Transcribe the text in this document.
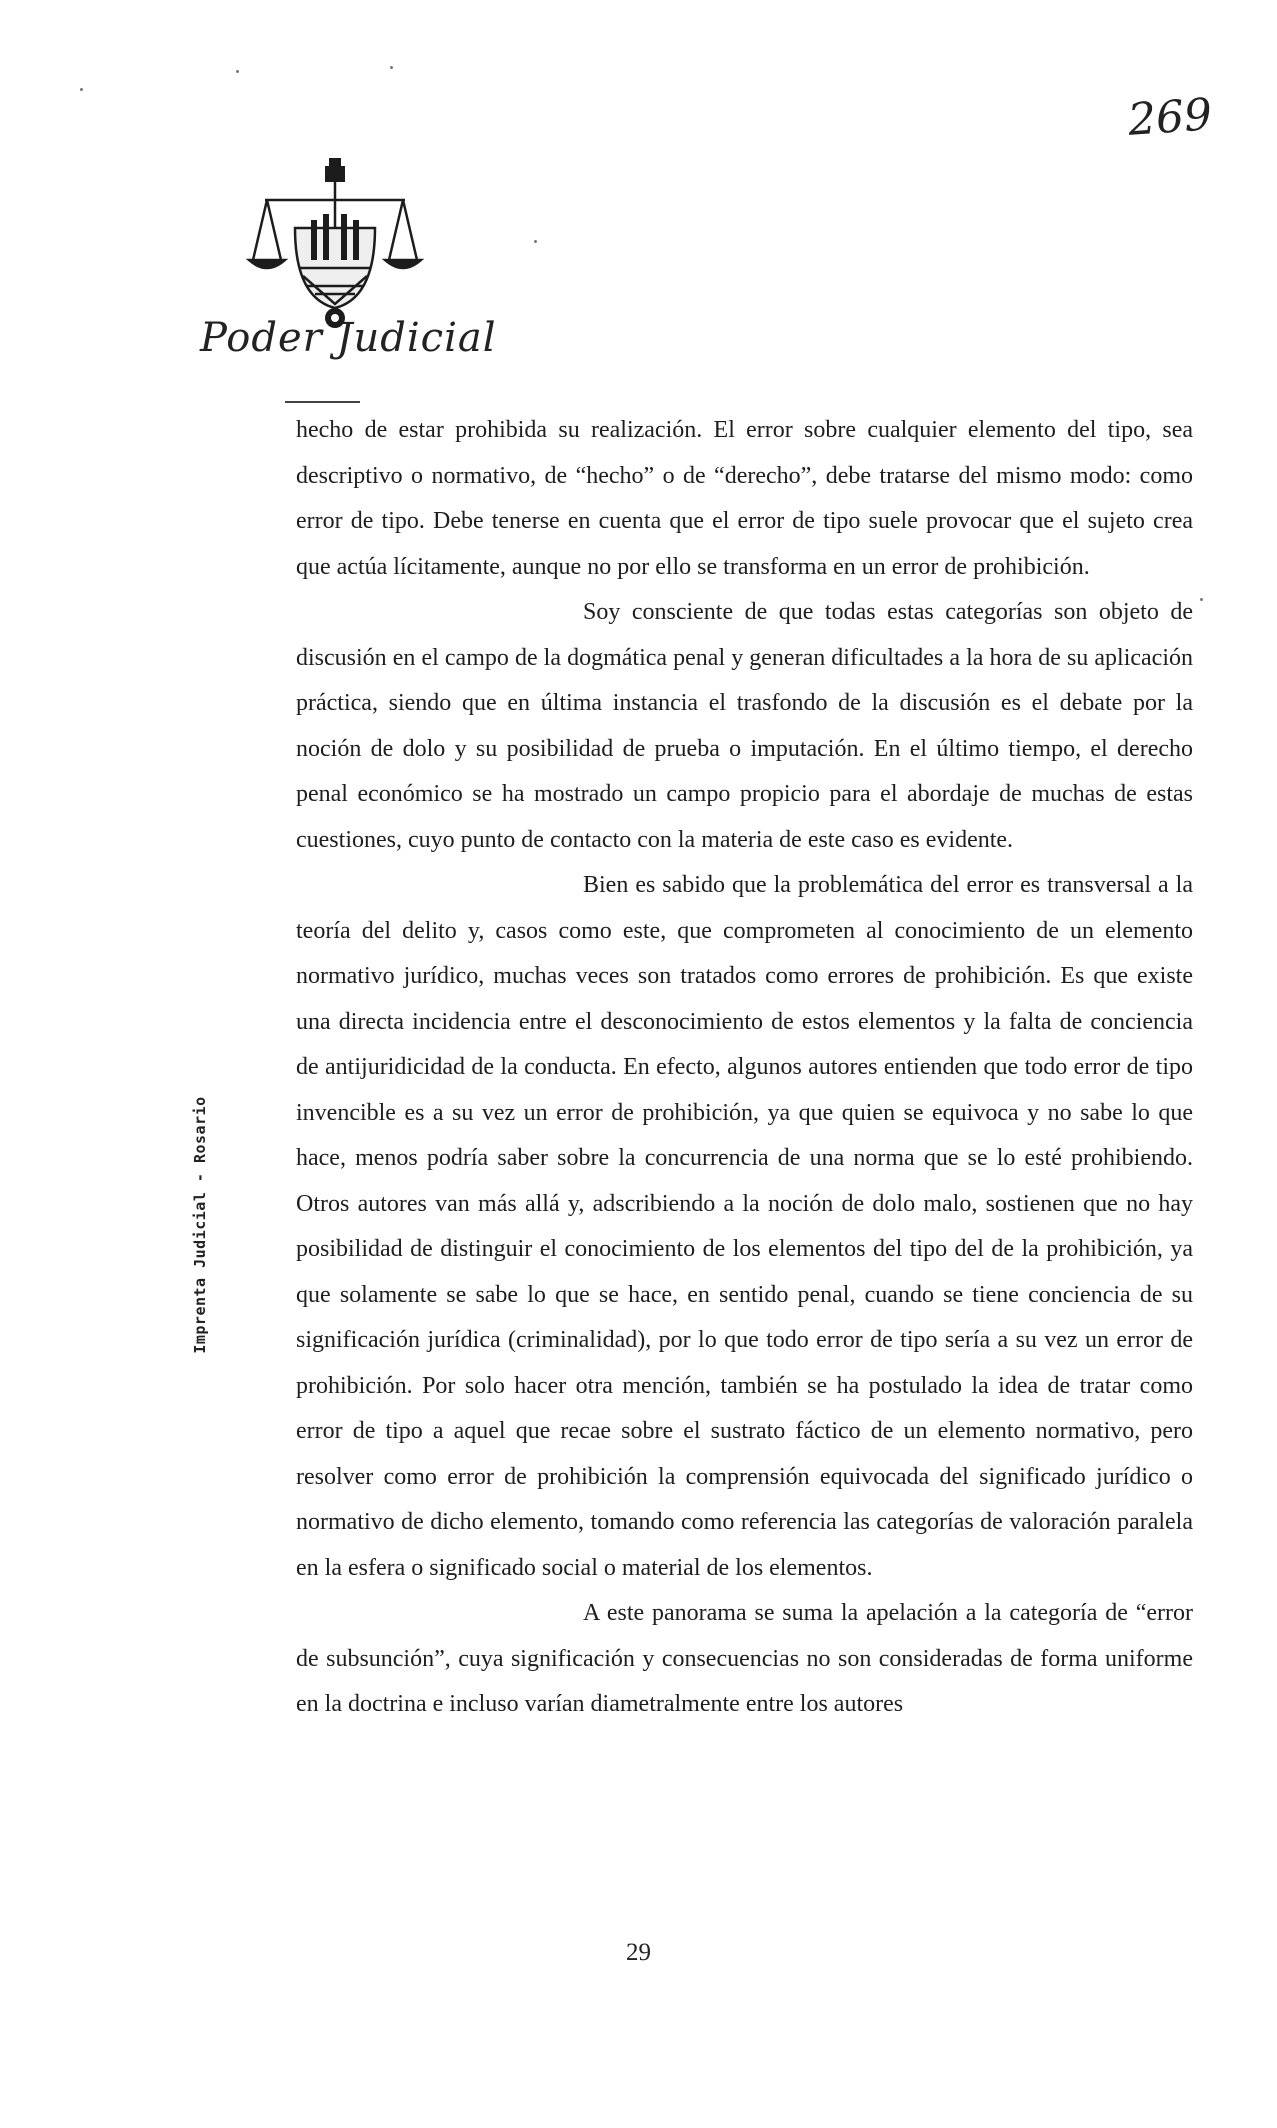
269
Poder Judicial
Imprenta Judicial - Rosario

hecho de estar prohibida su realización. El error sobre cualquier elemento del tipo, sea descriptivo o normativo, de “hecho” o de “derecho”, debe tratarse del mismo modo: como error de tipo. Debe tenerse en cuenta que el error de tipo suele provocar que el sujeto crea que actúa lícitamente, aunque no por ello se transforma en un error de prohibición.

Soy consciente de que todas estas categorías son objeto de discusión en el campo de la dogmática penal y generan dificultades a la hora de su aplicación práctica, siendo que en última instancia el trasfondo de la discusión es el debate por la noción de dolo y su posibilidad de prueba o imputación. En el último tiempo, el derecho penal económico se ha mostrado un campo propicio para el abordaje de muchas de estas cuestiones, cuyo punto de contacto con la materia de este caso es evidente.

Bien es sabido que la problemática del error es transversal a la teoría del delito y, casos como este, que comprometen al conocimiento de un elemento normativo jurídico, muchas veces son tratados como errores de prohibición. Es que existe una directa incidencia entre el desconocimiento de estos elementos y la falta de conciencia de antijuridicidad de la conducta. En efecto, algunos autores entienden que todo error de tipo invencible es a su vez un error de prohibición, ya que quien se equivoca y no sabe lo que hace, menos podría saber sobre la concurrencia de una norma que se lo esté prohibiendo. Otros autores van más allá y, adscribiendo a la noción de dolo malo, sostienen que no hay posibilidad de distinguir el conocimiento de los elementos del tipo del de la prohibición, ya que solamente se sabe lo que se hace, en sentido penal, cuando se tiene conciencia de su significación jurídica (criminalidad), por lo que todo error de tipo sería a su vez un error de prohibición. Por solo hacer otra mención, también se ha postulado la idea de tratar como error de tipo a aquel que recae sobre el sustrato fáctico de un elemento normativo, pero resolver como error de prohibición la comprensión equivocada del significado jurídico o normativo de dicho elemento, tomando como referencia las categorías de valoración paralela en la esfera o significado social o material de los elementos.

A este panorama se suma la apelación a la categoría de “error de subsunción”, cuya significación y consecuencias no son consideradas de forma uniforme en la doctrina e incluso varían diametralmente entre los autores

29
